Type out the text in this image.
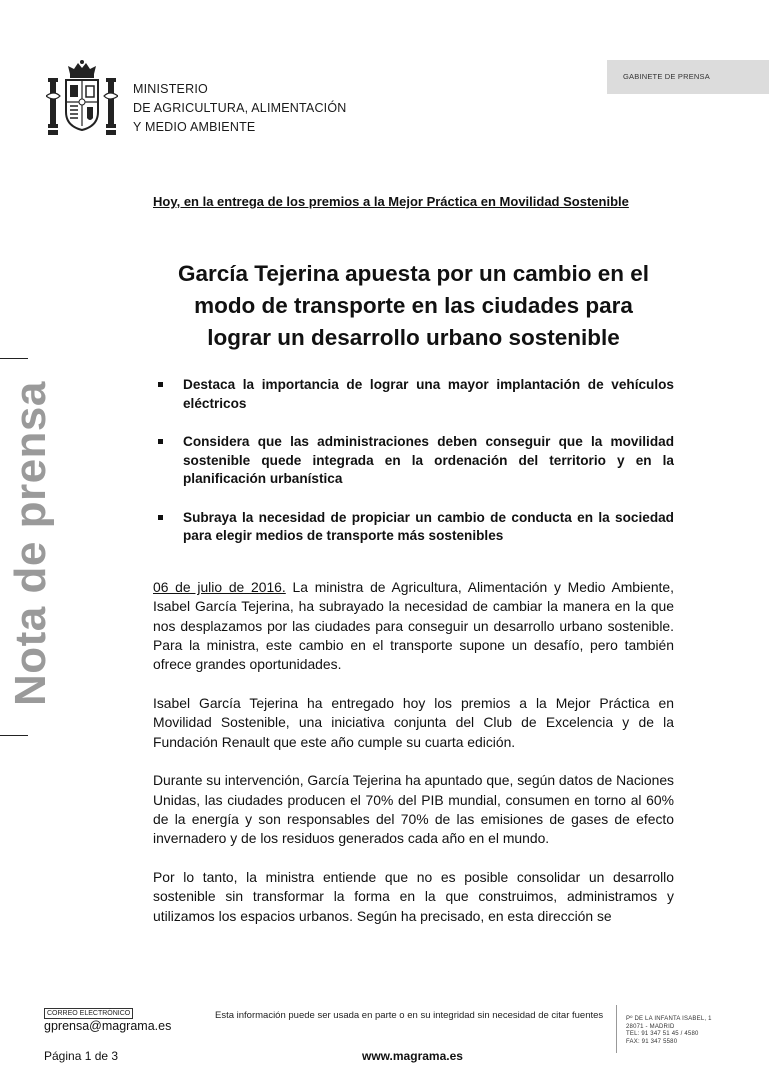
MINISTERIO
DE AGRICULTURA, ALIMENTACIÓN
Y MEDIO AMBIENTE
GABINETE DE PRENSA
Nota de prensa
Hoy, en la entrega de los premios a la Mejor Práctica en Movilidad Sostenible
García Tejerina apuesta por un cambio en el
modo de transporte en las ciudades para
lograr un desarrollo urbano sostenible
Destaca la importancia de lograr una mayor implantación de vehículos eléctricos
Considera que las administraciones deben conseguir que la movilidad sostenible quede integrada en la ordenación del territorio y en la planificación urbanística
Subraya la necesidad de propiciar un cambio de conducta en la sociedad para elegir medios de transporte más sostenibles

06 de julio de 2016. La ministra de Agricultura, Alimentación y Medio Ambiente, Isabel García Tejerina, ha subrayado la necesidad de cambiar la manera en la que nos desplazamos por las ciudades para conseguir un desarrollo urbano sostenible. Para la ministra, este cambio en el transporte supone un desafío, pero también ofrece grandes oportunidades.

Isabel García Tejerina ha entregado hoy los premios a la Mejor Práctica en Movilidad Sostenible, una iniciativa conjunta del Club de Excelencia y de la Fundación Renault que este año cumple su cuarta edición.

Durante su intervención, García Tejerina ha apuntado que, según datos de Naciones Unidas, las ciudades producen el 70% del PIB mundial, consumen en torno al 60% de la energía y son responsables del 70% de las emisiones de gases de efecto invernadero y de los residuos generados cada año en el mundo.

Por lo tanto, la ministra entiende que no es posible consolidar un desarrollo sostenible sin transformar la forma en la que construimos, administramos y utilizamos los espacios urbanos. Según ha precisado, en esta dirección se

CORREO ELECTRÓNICO
gprensa@magrama.es
Esta información puede ser usada en parte o en su integridad sin necesidad de citar fuentes
Página 1 de 3	www.magrama.es
Pº DE LA INFANTA ISABEL, 1
28071 - MADRID
TEL: 91 347 51 45 / 4580
FAX: 91 347 5580
